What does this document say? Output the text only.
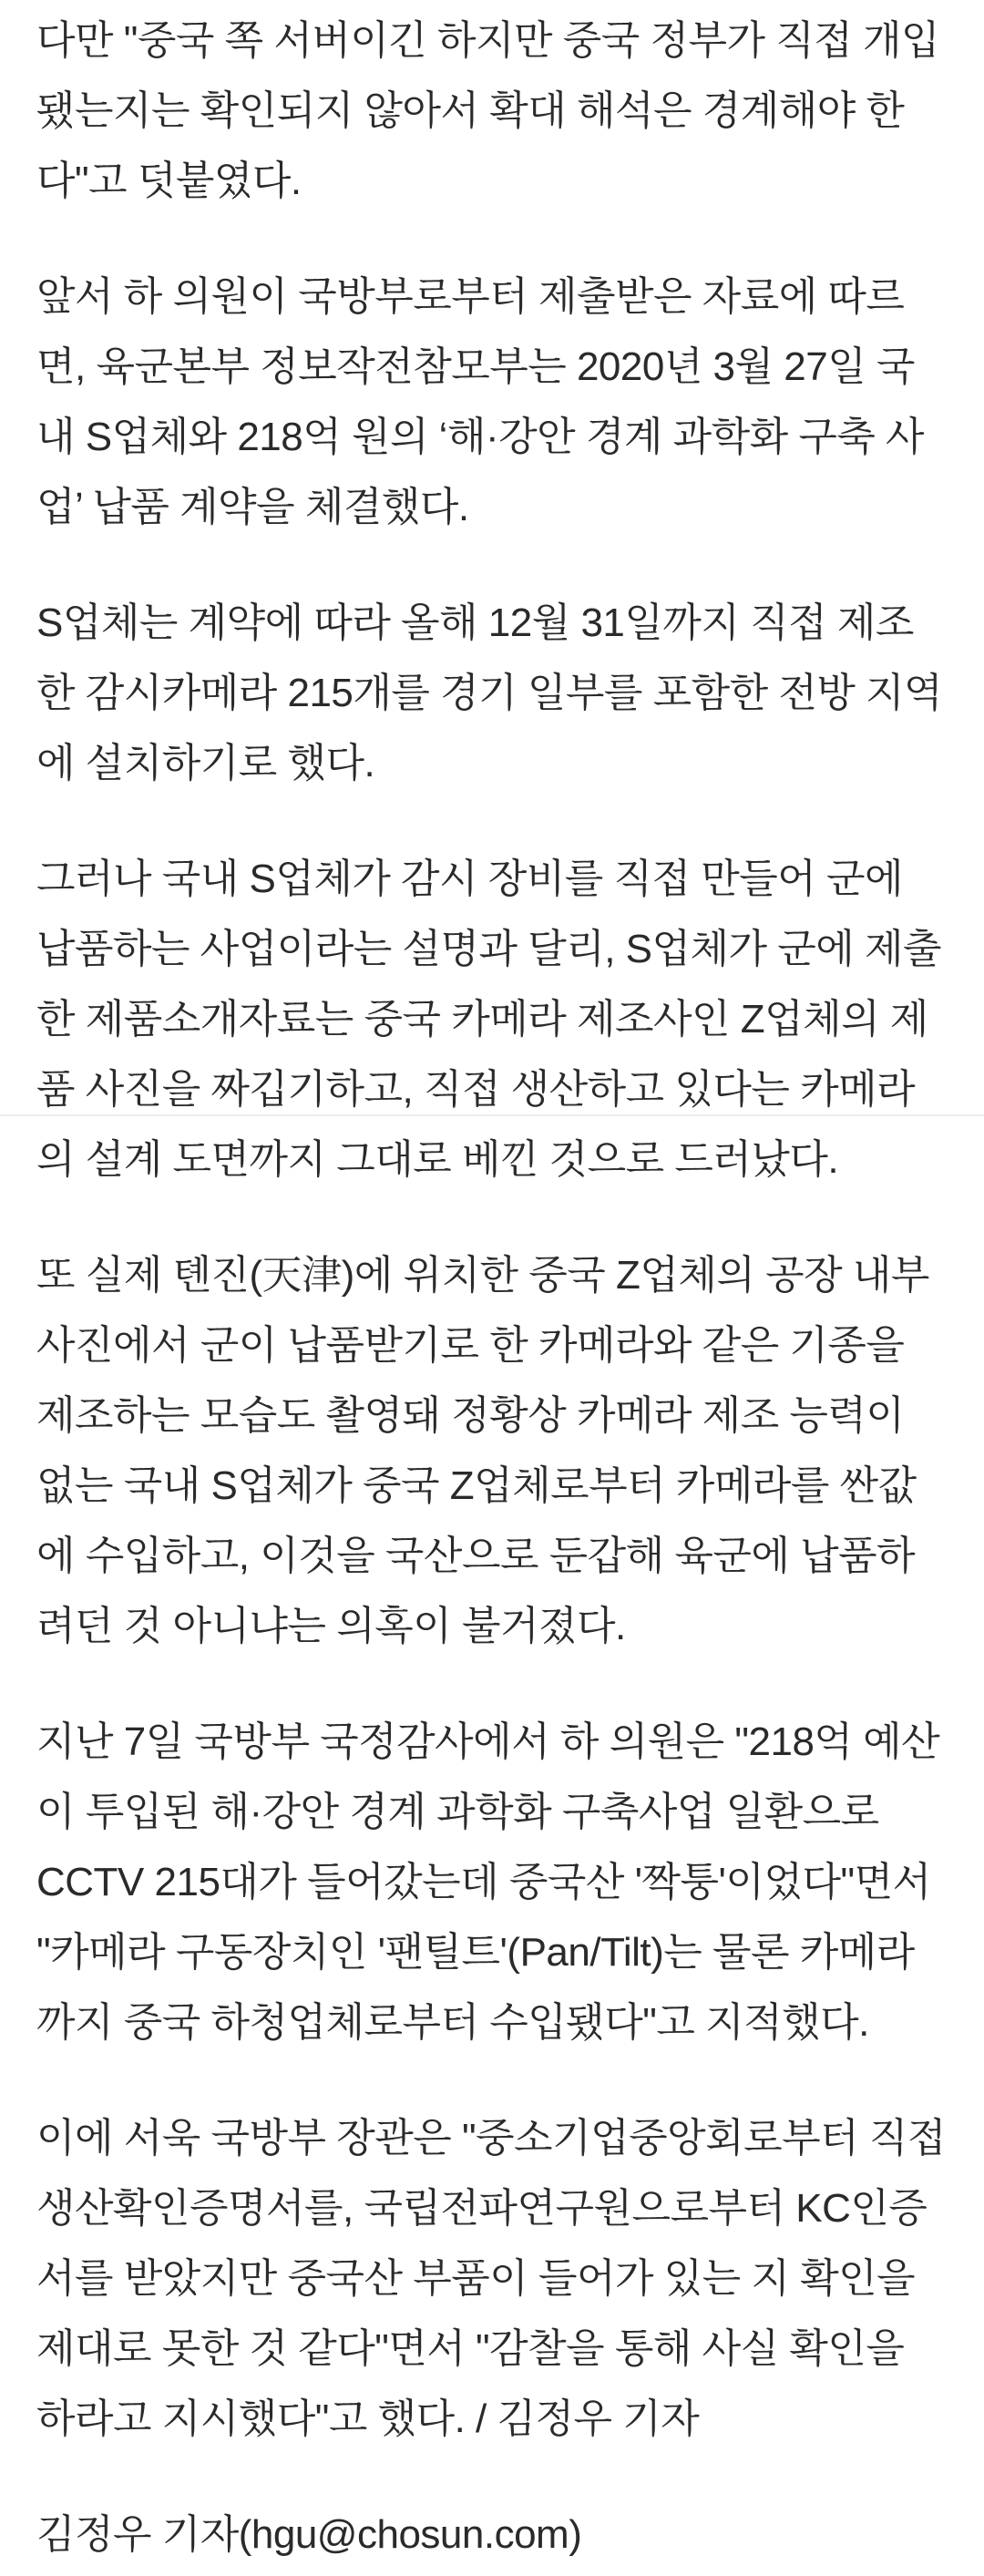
다만 "중국 쪽 서버이긴 하지만 중국 정부가 직접 개입됐는지는 확인되지 않아서 확대 해석은 경계해야 한다"고 덧붙였다.

앞서 하 의원이 국방부로부터 제출받은 자료에 따르면, 육군본부 정보작전참모부는 2020년 3월 27일 국내 S업체와 218억 원의 ‘해·강안 경계 과학화 구축 사업’ 납품 계약을 체결했다.

S업체는 계약에 따라 올해 12월 31일까지 직접 제조한 감시카메라 215개를 경기 일부를 포함한 전방 지역에 설치하기로 했다.

그러나 국내 S업체가 감시 장비를 직접 만들어 군에 납품하는 사업이라는 설명과 달리, S업체가 군에 제출한 제품소개자료는 중국 카메라 제조사인 Z업체의 제품 사진을 짜깁기하고, 직접 생산하고 있다는 카메라의 설계 도면까지 그대로 베낀 것으로 드러났다.

또 실제 톈진(天津)에 위치한 중국 Z업체의 공장 내부 사진에서 군이 납품받기로 한 카메라와 같은 기종을 제조하는 모습도 촬영돼 정황상 카메라 제조 능력이 없는 국내 S업체가 중국 Z업체로부터 카메라를 싼값에 수입하고, 이것을 국산으로 둔갑해 육군에 납품하려던 것 아니냐는 의혹이 불거졌다.

지난 7일 국방부 국정감사에서 하 의원은 "218억 예산이 투입된 해·강안 경계 과학화 구축사업 일환으로 CCTV 215대가 들어갔는데 중국산 '짝퉁'이었다"면서 "카메라 구동장치인 '팬틸트'(Pan/Tilt)는 물론 카메라까지 중국 하청업체로부터 수입됐다"고 지적했다.

이에 서욱 국방부 장관은 "중소기업중앙회로부터 직접생산확인증명서를, 국립전파연구원으로부터 KC인증서를 받았지만 중국산 부품이 들어가 있는 지 확인을 제대로 못한 것 같다"면서 "감찰을 통해 사실 확인을 하라고 지시했다"고 했다. / 김정우 기자

김정우 기자(hgu@chosun.com)
